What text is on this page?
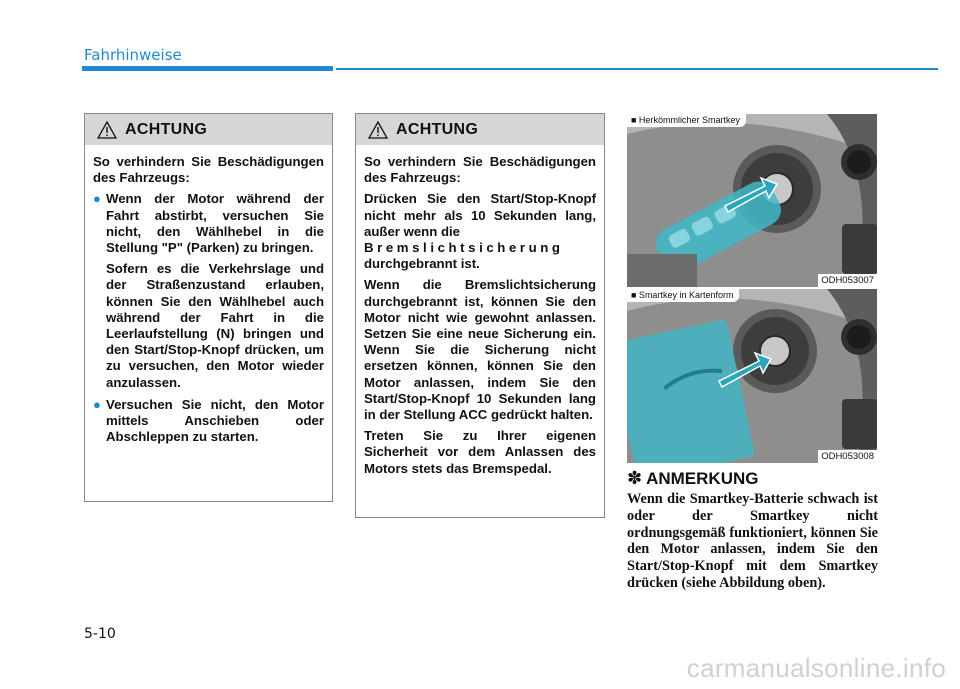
Fahrhinweise
ACHTUNG

So verhindern Sie Beschädigungen des Fahrzeugs:

● Wenn der Motor während der Fahrt abstirbt, versuchen Sie nicht, den Wählhebel in die Stellung "P" (Parken) zu bringen.
Sofern es die Verkehrslage und der Straßenzustand erlauben, können Sie den Wählhebel auch während der Fahrt in die Leerlaufstellung (N) bringen und den Start/Stop-Knopf drücken, um zu versuchen, den Motor wieder anzulassen.
● Versuchen Sie nicht, den Motor mittels Anschieben oder Abschleppen zu starten.
ACHTUNG

So verhindern Sie Beschädigungen des Fahrzeugs:

Drücken Sie den Start/Stop-Knopf nicht mehr als 10 Sekunden lang, außer wenn die
Bremslichtsicherung
durchgebrannt ist.

Wenn die Bremslichtsicherung durchgebrannt ist, können Sie den Motor nicht wie gewohnt anlassen. Setzen Sie eine neue Sicherung ein. Wenn Sie die Sicherung nicht ersetzen können, können Sie den Motor anlassen, indem Sie den Start/Stop-Knopf 10 Sekunden lang in der Stellung ACC gedrückt halten.

Treten Sie zu Ihrer eigenen Sicherheit vor dem Anlassen des Motors stets das Bremspedal.

■ Herkömmlicher Smartkey
ODH053007
■ Smartkey in Kartenform
ODH053008
✽ ANMERKUNG
Wenn die Smartkey-Batterie schwach ist oder der Smartkey nicht ordnungsgemäß funktioniert, können Sie den Motor anlassen, indem Sie den Start/Stop-Knopf mit dem Smartkey drücken (siehe Abbildung oben).
5-10
carmanualsonline.info
